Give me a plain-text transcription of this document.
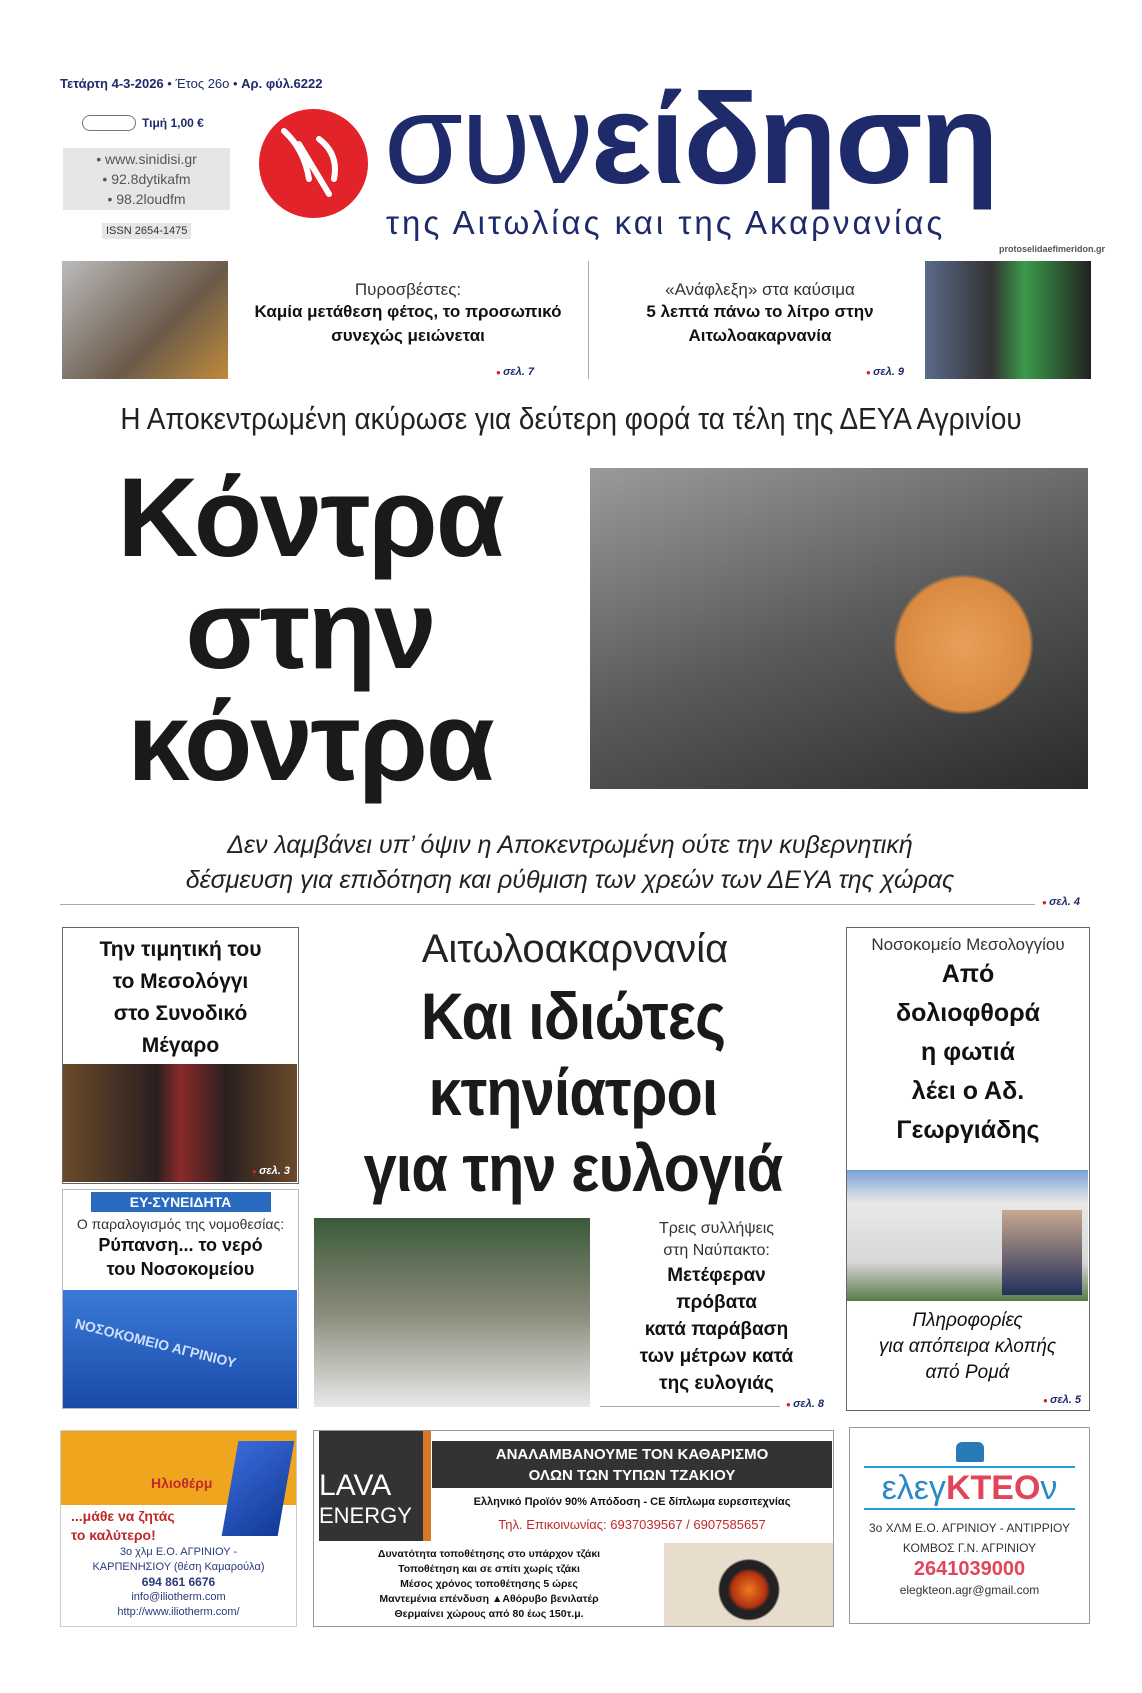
Τετάρτη 4-3-2026 • Έτος 26ο • Αρ. φύλ.6222
Τιμή 1,00 €
• www.sinidisi.gr
• 92.8dytikafm
• 98.2loudfm
ISSN 2654-1475
συνείδηση
της Αιτωλίας και της Ακαρνανίας
protoselidaefimeridon.gr
Πυροσβέστες:
Καμία μετάθεση φέτος, το προσωπικό συνεχώς μειώνεται
● σελ. 7
«Ανάφλεξη» στα καύσιμα
5 λεπτά πάνω το λίτρο στην Αιτωλοακαρνανία
● σελ. 9
Η Αποκεντρωμένη ακύρωσε για δεύτερη φορά τα τέλη της ΔΕΥΑ Αγρινίου
Κόντρα
στην
κόντρα
Δεν λαμβάνει υπ’ όψιν η Αποκεντρωμένη ούτε την κυβερνητική
δέσμευση για επιδότηση και ρύθμιση των χρεών των ΔΕΥΑ της χώρας
● σελ. 4
Την τιμητική του
το Μεσολόγγι
στο Συνοδικό
Μέγαρο
● σελ. 3
ΕΥ-ΣΥΝΕΙΔΗΤΑ
Ο παραλογισμός της νομοθεσίας:
Ρύπανση... το νερό
του Νοσοκομείου
ΝΟΣΟΚΟΜΕΙΟ ΑΓΡΙΝΙΟΥ
Αιτωλοακαρνανία
Και ιδιώτες
κτηνίατροι
για την ευλογιά
Τρεις συλλήψεις
στη Ναύπακτο:
Μετέφεραν
πρόβατα
κατά παράβαση
των μέτρων κατά
της ευλογιάς
● σελ. 8
Νοσοκομείο Μεσολογγίου
Από
δολιοφθορά
η φωτιά
λέει ο Αδ.
Γεωργιάδης
Πληροφορίες
για απόπειρα κλοπής
από Ρομά
● σελ. 5
Ηλιοθέρμ
...μάθε να ζητάς
το καλύτερο!
3ο χλμ Ε.Ο. ΑΓΡΙΝΙΟΥ -
ΚΑΡΠΕΝΗΣΙΟΥ (θέση Καμαρούλα)
694 861 6676
info@iliotherm.com
http://www.iliotherm.com/
LAVA
ENERGY
ΑΝΑΛΑΜΒΑΝΟΥΜΕ ΤΟΝ ΚΑΘΑΡΙΣΜΟ
ΟΛΩΝ ΤΩΝ ΤΥΠΩΝ ΤΖΑΚΙΟΥ
Ελληνικό Προϊόν 90% Απόδοση - CE δίπλωμα ευρεσιτεχνίας
Τηλ. Επικοινωνίας: 6937039567 / 6907585657
Δυνατότητα τοποθέτησης στο υπάρχον τζάκι
Τοποθέτηση και σε σπίτι χωρίς τζάκι
Μέσος χρόνος τοποθέτησης 5 ώρες
Μαντεμένια επένδυση ▲Αθόρυβο βενιλατέρ
Θερμαίνει χώρους από 80 έως 150τ.μ.
ελεγΚΤΕΟν
3ο ΧΛΜ Ε.Ο. ΑΓΡΙΝΙΟΥ - ΑΝΤΙΡΡΙΟΥ
ΚΟΜΒΟΣ Γ.Ν. ΑΓΡΙΝΙΟΥ
2641039000
elegkteon.agr@gmail.com
